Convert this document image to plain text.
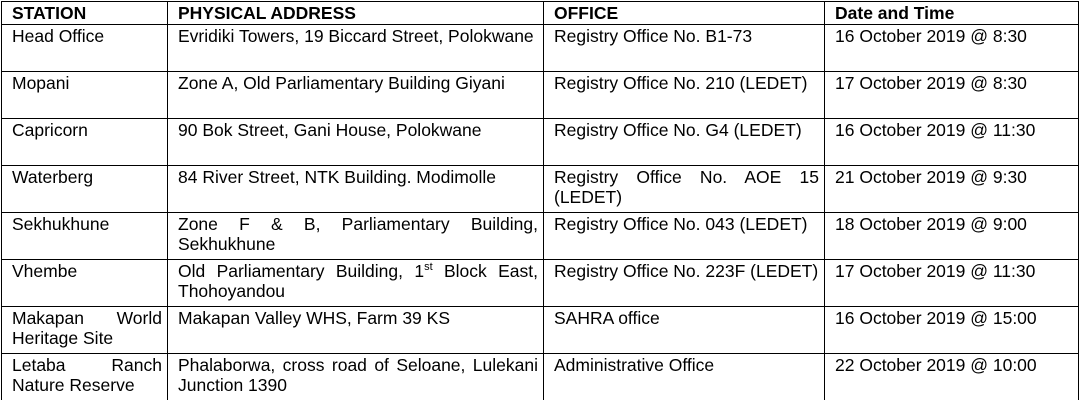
STATION	PHYSICAL ADDRESS	OFFICE	Date and Time
Head Office	Evridiki Towers, 19 Biccard Street, Polokwane	Registry Office No. B1-73	16 October 2019 @ 8:30
Mopani	Zone A, Old Parliamentary Building Giyani	Registry Office No. 210 (LEDET)	17 October 2019 @ 8:30
Capricorn	90 Bok Street, Gani House, Polokwane	Registry Office No. G4 (LEDET)	16 October 2019 @ 11:30
Waterberg	84 River Street, NTK Building. Modimolle	Registry Office No. AOE 15 (LEDET)	21 October 2019 @ 9:30
Sekhukhune	Zone F & B, Parliamentary Building, Sekhukhune	Registry Office No. 043 (LEDET)	18 October 2019 @ 9:00
Vhembe	Old Parliamentary Building, 1st Block East, Thohoyandou	Registry Office No. 223F (LEDET)	17 October 2019 @ 11:30
Makapan World Heritage Site	Makapan Valley WHS, Farm 39 KS	SAHRA office	16 October 2019 @ 15:00
Letaba Ranch Nature Reserve	Phalaborwa, cross road of Seloane, Lulekani Junction 1390	Administrative Office	22 October 2019 @ 10:00
